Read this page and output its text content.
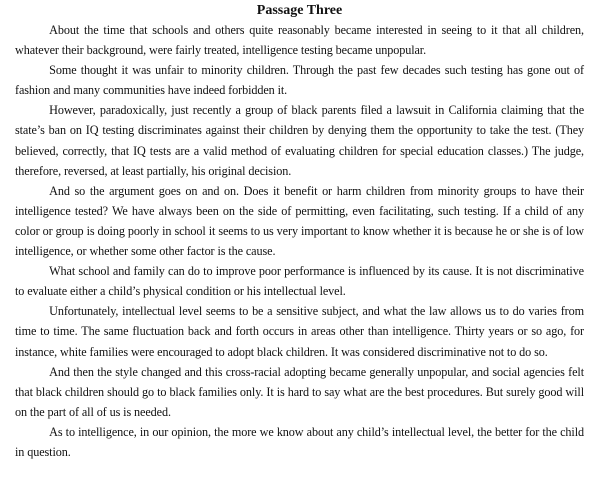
Passage Three

About the time that schools and others quite reasonably became interested in seeing to it that all children, whatever their background, were fairly treated, intelligence testing became unpopular.

Some thought it was unfair to minority children. Through the past few decades such testing has gone out of fashion and many communities have indeed forbidden it.

However, paradoxically, just recently a group of black parents filed a lawsuit in California claiming that the state’s ban on IQ testing discriminates against their children by denying them the opportunity to take the test. (They believed, correctly, that IQ tests are a valid method of evaluating children for special education classes.) The judge, therefore, reversed, at least partially, his original decision.

And so the argument goes on and on. Does it benefit or harm children from minority groups to have their intelligence tested? We have always been on the side of permitting, even facilitating, such testing. If a child of any color or group is doing poorly in school it seems to us very important to know whether it is because he or she is of low intelligence, or whether some other factor is the cause.

What school and family can do to improve poor performance is influenced by its cause. It is not discriminative to evaluate either a child’s physical condition or his intellectual level.

Unfortunately, intellectual level seems to be a sensitive subject, and what the law allows us to do varies from time to time. The same fluctuation back and forth occurs in areas other than intelligence. Thirty years or so ago, for instance, white families were encouraged to adopt black children. It was considered discriminative not to do so.

And then the style changed and this cross-racial adopting became generally unpopular, and social agencies felt that black children should go to black families only. It is hard to say what are the best procedures. But surely good will on the part of all of us is needed.

As to intelligence, in our opinion, the more we know about any child’s intellectual level, the better for the child in question.
